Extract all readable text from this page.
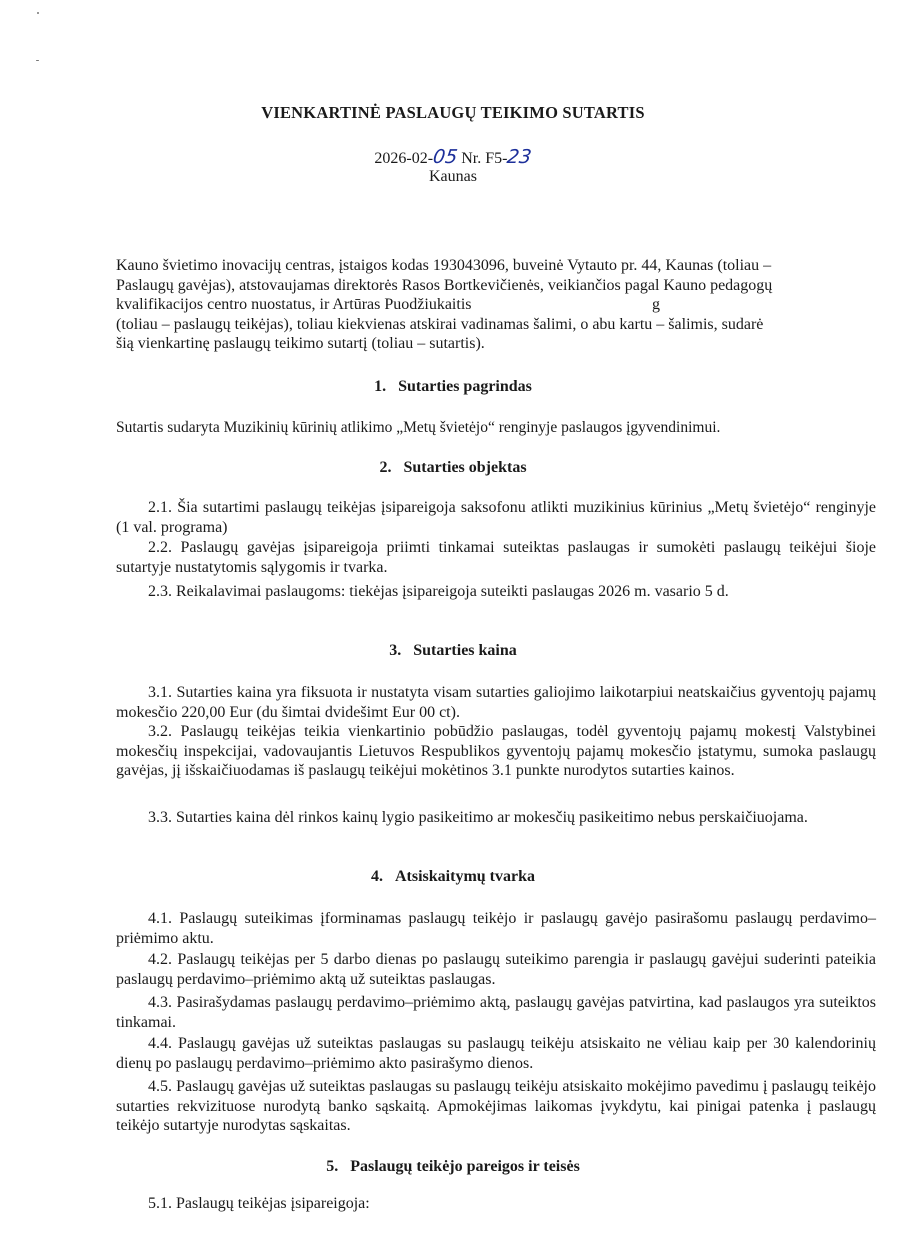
VIENKARTINĖ PASLAUGŲ TEIKIMO SUTARTIS
2026-02-05 Nr. F5-23
Kaunas
Kauno švietimo inovacijų centras, įstaigos kodas 193043096, buveinė Vytauto pr. 44, Kaunas (toliau –
Paslaugų gavėjas), atstovaujamas direktorės Rasos Bortkevičienės, veikiančios pagal Kauno pedagogų
kvalifikacijos centro nuostatus, ir Artūras Puodžiukaitis	g
(toliau – paslaugų teikėjas), toliau kiekvienas atskirai vadinamas šalimi, o abu kartu – šalimis, sudarė
šią vienkartinę paslaugų teikimo sutartį (toliau – sutartis).
1. Sutarties pagrindas
Sutartis sudaryta Muzikinių kūrinių atlikimo „Metų švietėjo“ renginyje paslaugos įgyvendinimui.
2. Sutarties objektas
2.1. Šia sutartimi paslaugų teikėjas įsipareigoja saksofonu atlikti muzikinius kūrinius „Metų švietėjo“ renginyje (1 val. programa)
2.2. Paslaugų gavėjas įsipareigoja priimti tinkamai suteiktas paslaugas ir sumokėti paslaugų teikėjui šioje sutartyje nustatytomis sąlygomis ir tvarka.
2.3. Reikalavimai paslaugoms: tiekėjas įsipareigoja suteikti paslaugas 2026 m. vasario 5 d.
3. Sutarties kaina
3.1. Sutarties kaina yra fiksuota ir nustatyta visam sutarties galiojimo laikotarpiui neatskaičius gyventojų pajamų mokesčio 220,00 Eur (du šimtai dvidešimt Eur 00 ct).
3.2. Paslaugų teikėjas teikia vienkartinio pobūdžio paslaugas, todėl gyventojų pajamų mokestį Valstybinei mokesčių inspekcijai, vadovaujantis Lietuvos Respublikos gyventojų pajamų mokesčio įstatymu, sumoka paslaugų gavėjas, jį išskaičiuodamas iš paslaugų teikėjui mokėtinos 3.1 punkte nurodytos sutarties kainos.
3.3. Sutarties kaina dėl rinkos kainų lygio pasikeitimo ar mokesčių pasikeitimo nebus perskaičiuojama.
4. Atsiskaitymų tvarka
4.1. Paslaugų suteikimas įforminamas paslaugų teikėjo ir paslaugų gavėjo pasirašomu paslaugų perdavimo–priėmimo aktu.
4.2. Paslaugų teikėjas per 5 darbo dienas po paslaugų suteikimo parengia ir paslaugų gavėjui suderinti pateikia paslaugų perdavimo–priėmimo aktą už suteiktas paslaugas.
4.3. Pasirašydamas paslaugų perdavimo–priėmimo aktą, paslaugų gavėjas patvirtina, kad paslaugos yra suteiktos tinkamai.
4.4. Paslaugų gavėjas už suteiktas paslaugas su paslaugų teikėju atsiskaito ne vėliau kaip per 30 kalendorinių dienų po paslaugų perdavimo–priėmimo akto pasirašymo dienos.
4.5. Paslaugų gavėjas už suteiktas paslaugas su paslaugų teikėju atsiskaito mokėjimo pavedimu į paslaugų teikėjo sutarties rekvizituose nurodytą banko sąskaitą. Apmokėjimas laikomas įvykdytu, kai pinigai patenka į paslaugų teikėjo sutartyje nurodytas sąskaitas.
5. Paslaugų teikėjo pareigos ir teisės
5.1. Paslaugų teikėjas įsipareigoja:
